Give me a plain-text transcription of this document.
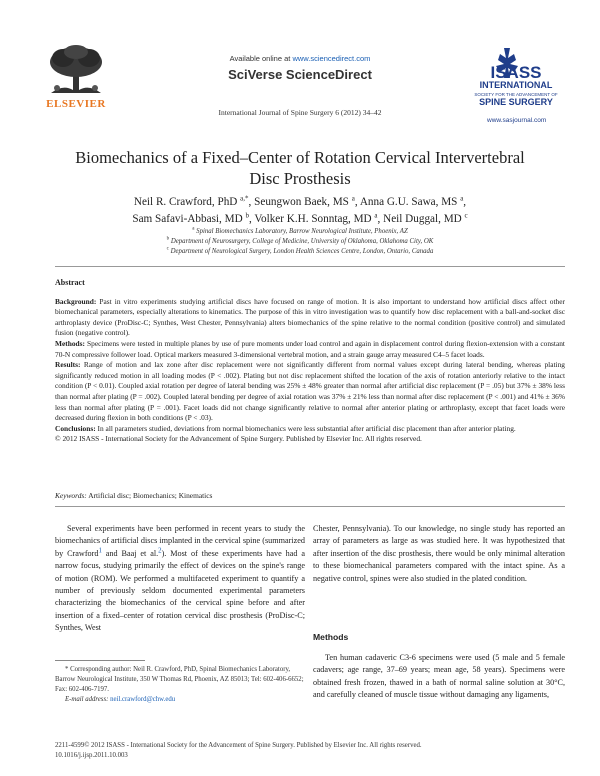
ELSEVIER
Available online at www.sciencedirect.com
SciVerse ScienceDirect
International Journal of Spine Surgery 6 (2012) 34–42
ISASS
INTERNATIONAL
SOCIETY FOR THE ADVANCEMENT OF
SPINE SURGERY
www.sasjournal.com
Biomechanics of a Fixed–Center of Rotation Cervical Intervertebral
Disc Prosthesis
Neil R. Crawford, PhD $^{a,*}$, Seungwon Baek, MS $^a$, Anna G.U. Sawa, MS $^a$,
Sam Safavi-Abbasi, MD $^b$, Volker K.H. Sonntag, MD $^a$, Neil Duggal, MD $^c$
$^a$ Spinal Biomechanics Laboratory, Barrow Neurological Institute, Phoenix, AZ
$^b$ Department of Neurosurgery, College of Medicine, University of Oklahoma, Oklahoma City, OK
$^c$ Department of Neurological Surgery, London Health Sciences Centre, London, Ontario, Canada
Abstract

Background: Past in vitro experiments studying artificial discs have focused on range of motion. It is also important to understand how artificial discs affect other biomechanical parameters, especially alterations to kinematics. The purpose of this in vitro investigation was to quantify how disc replacement with a ball-and-socket disc arthroplasty device (ProDisc-C; Synthes, West Chester, Pennsylvania) alters biomechanics of the spine relative to the normal condition (positive control) and simulated fusion (negative control).

Methods: Specimens were tested in multiple planes by use of pure moments under load control and again in displacement control during flexion-extension with a constant 70-N compressive follower load. Optical markers measured 3-dimensional vertebral motion, and a strain gauge array measured C4–5 facet loads.

Results: Range of motion and lax zone after disc replacement were not significantly different from normal values except during lateral bending, whereas plating significantly reduced motion in all loading modes (P < .002). Plating but not disc replacement shifted the location of the axis of rotation anteriorly relative to the intact condition (P < 0.01). Coupled axial rotation per degree of lateral bending was 25% ± 48% greater than normal after artificial disc replacement (P = .05) but 37% ± 38% less than normal after plating (P = .002). Coupled lateral bending per degree of axial rotation was 37% ± 21% less than normal after disc replacement (P < .001) and 41% ± 36% less than normal after plating (P = .001). Facet loads did not change significantly relative to normal after anterior plating or arthroplasty, except that facet loads were decreased during flexion in both conditions (P < .03).

Conclusions: In all parameters studied, deviations from normal biomechanics were less substantial after artificial disc placement than after anterior plating.

© 2012 ISASS - International Society for the Advancement of Spine Surgery. Published by Elsevier Inc. All rights reserved.

Keywords: Artificial disc; Biomechanics; Kinematics

Several experiments have been performed in recent years to study the biomechanics of artificial discs implanted in the cervical spine (summarized by Crawford$^1$ and Baaj et al.$^2$). Most of these experiments have had a narrow focus, studying primarily the effect of devices on the spine's range of motion (ROM). We performed a multifaceted experiment to quantify a number of previously seldom documented experimental parameters characterizing the biomechanics of the cervical spine before and after insertion of a fixed–center of rotation cervical disc prosthesis (ProDisc-C; Synthes, West

Chester, Pennsylvania). To our knowledge, no single study has reported an array of parameters as large as was studied here. It was hypothesized that after insertion of the disc prosthesis, there would be only minimal alteration to these biomechanical parameters compared with the intact spine. As a negative control, spines were also studied in the plated condition.

Methods
Ten human cadaveric C3-6 specimens were used (5 male and 5 female cadavers; age range, 37–69 years; mean age, 58 years). Specimens were obtained fresh frozen, thawed in a bath of normal saline solution at 30°C, and carefully cleaned of muscle tissue without damaging any ligaments,

* Corresponding author: Neil R. Crawford, PhD, Spinal Biomechanics Laboratory, Barrow Neurological Institute, 350 W Thomas Rd, Phoenix, AZ 85013; Tel: 602-406-6652; Fax: 602-406-7197.

E-mail address: neil.crawford@chw.edu

2211-4599© 2012 ISASS - International Society for the Advancement of Spine Surgery. Published by Elsevier Inc. All rights reserved.
10.1016/j.ijsp.2011.10.003
